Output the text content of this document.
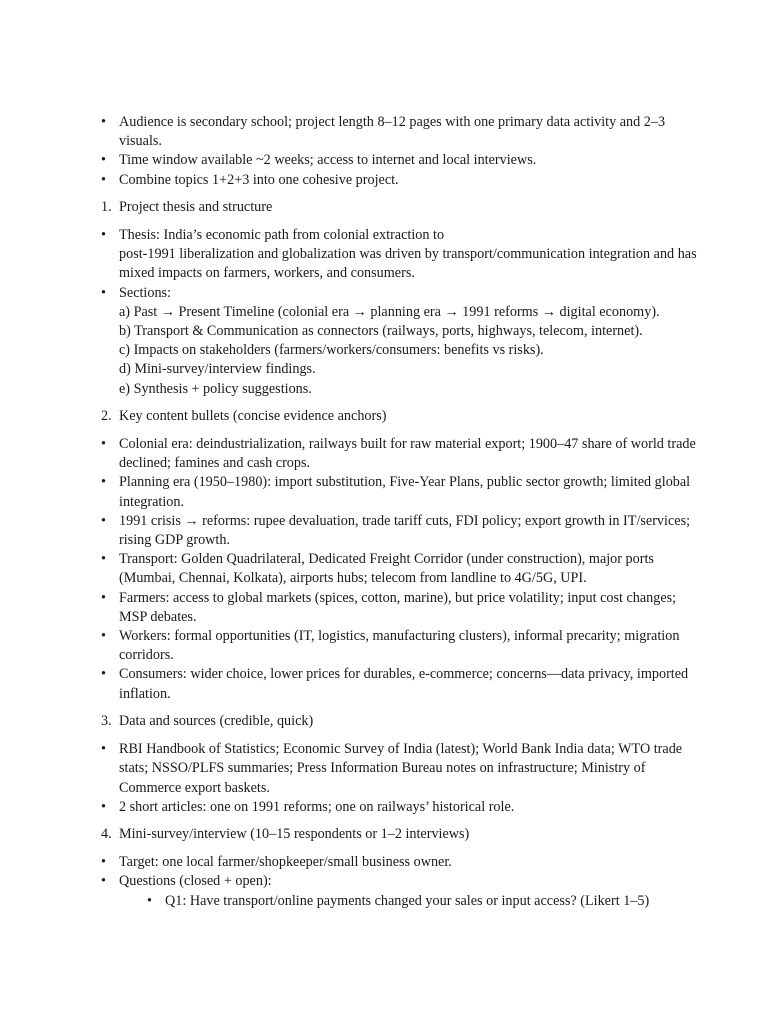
• Audience is secondary school; project length 8–12 pages with one primary data activity and 2–3 visuals.
• Time window available ~2 weeks; access to internet and local interviews.
• Combine topics 1+2+3 into one cohesive project.
1. Project thesis and structure
• Thesis: India’s economic path from colonial extraction to
post-1991 liberalization and globalization was driven by transport/communication integration and has mixed impacts on farmers, workers, and consumers.
• Sections:
a) Past → Present Timeline (colonial era → planning era → 1991 reforms → digital economy).
b) Transport & Communication as connectors (railways, ports, highways, telecom, internet).
c) Impacts on stakeholders (farmers/workers/consumers: benefits vs risks).
d) Mini-survey/interview findings.
e) Synthesis + policy suggestions.
2. Key content bullets (concise evidence anchors)
• Colonial era: deindustrialization, railways built for raw material export; 1900–47 share of world trade declined; famines and cash crops.
• Planning era (1950–1980): import substitution, Five-Year Plans, public sector growth; limited global integration.
• 1991 crisis → reforms: rupee devaluation, trade tariff cuts, FDI policy; export growth in IT/services; rising GDP growth.
• Transport: Golden Quadrilateral, Dedicated Freight Corridor (under construction), major ports (Mumbai, Chennai, Kolkata), airports hubs; telecom from landline to 4G/5G, UPI.
• Farmers: access to global markets (spices, cotton, marine), but price volatility; input cost changes; MSP debates.
• Workers: formal opportunities (IT, logistics, manufacturing clusters), informal precarity; migration corridors.
• Consumers: wider choice, lower prices for durables, e-commerce; concerns—data privacy, imported inflation.
3. Data and sources (credible, quick)
• RBI Handbook of Statistics; Economic Survey of India (latest); World Bank India data; WTO trade stats; NSSO/PLFS summaries; Press Information Bureau notes on infrastructure; Ministry of Commerce export baskets.
• 2 short articles: one on 1991 reforms; one on railways’ historical role.
4. Mini-survey/interview (10–15 respondents or 1–2 interviews)
• Target: one local farmer/shopkeeper/small business owner.
• Questions (closed + open):
• Q1: Have transport/online payments changed your sales or input access? (Likert 1–5)
